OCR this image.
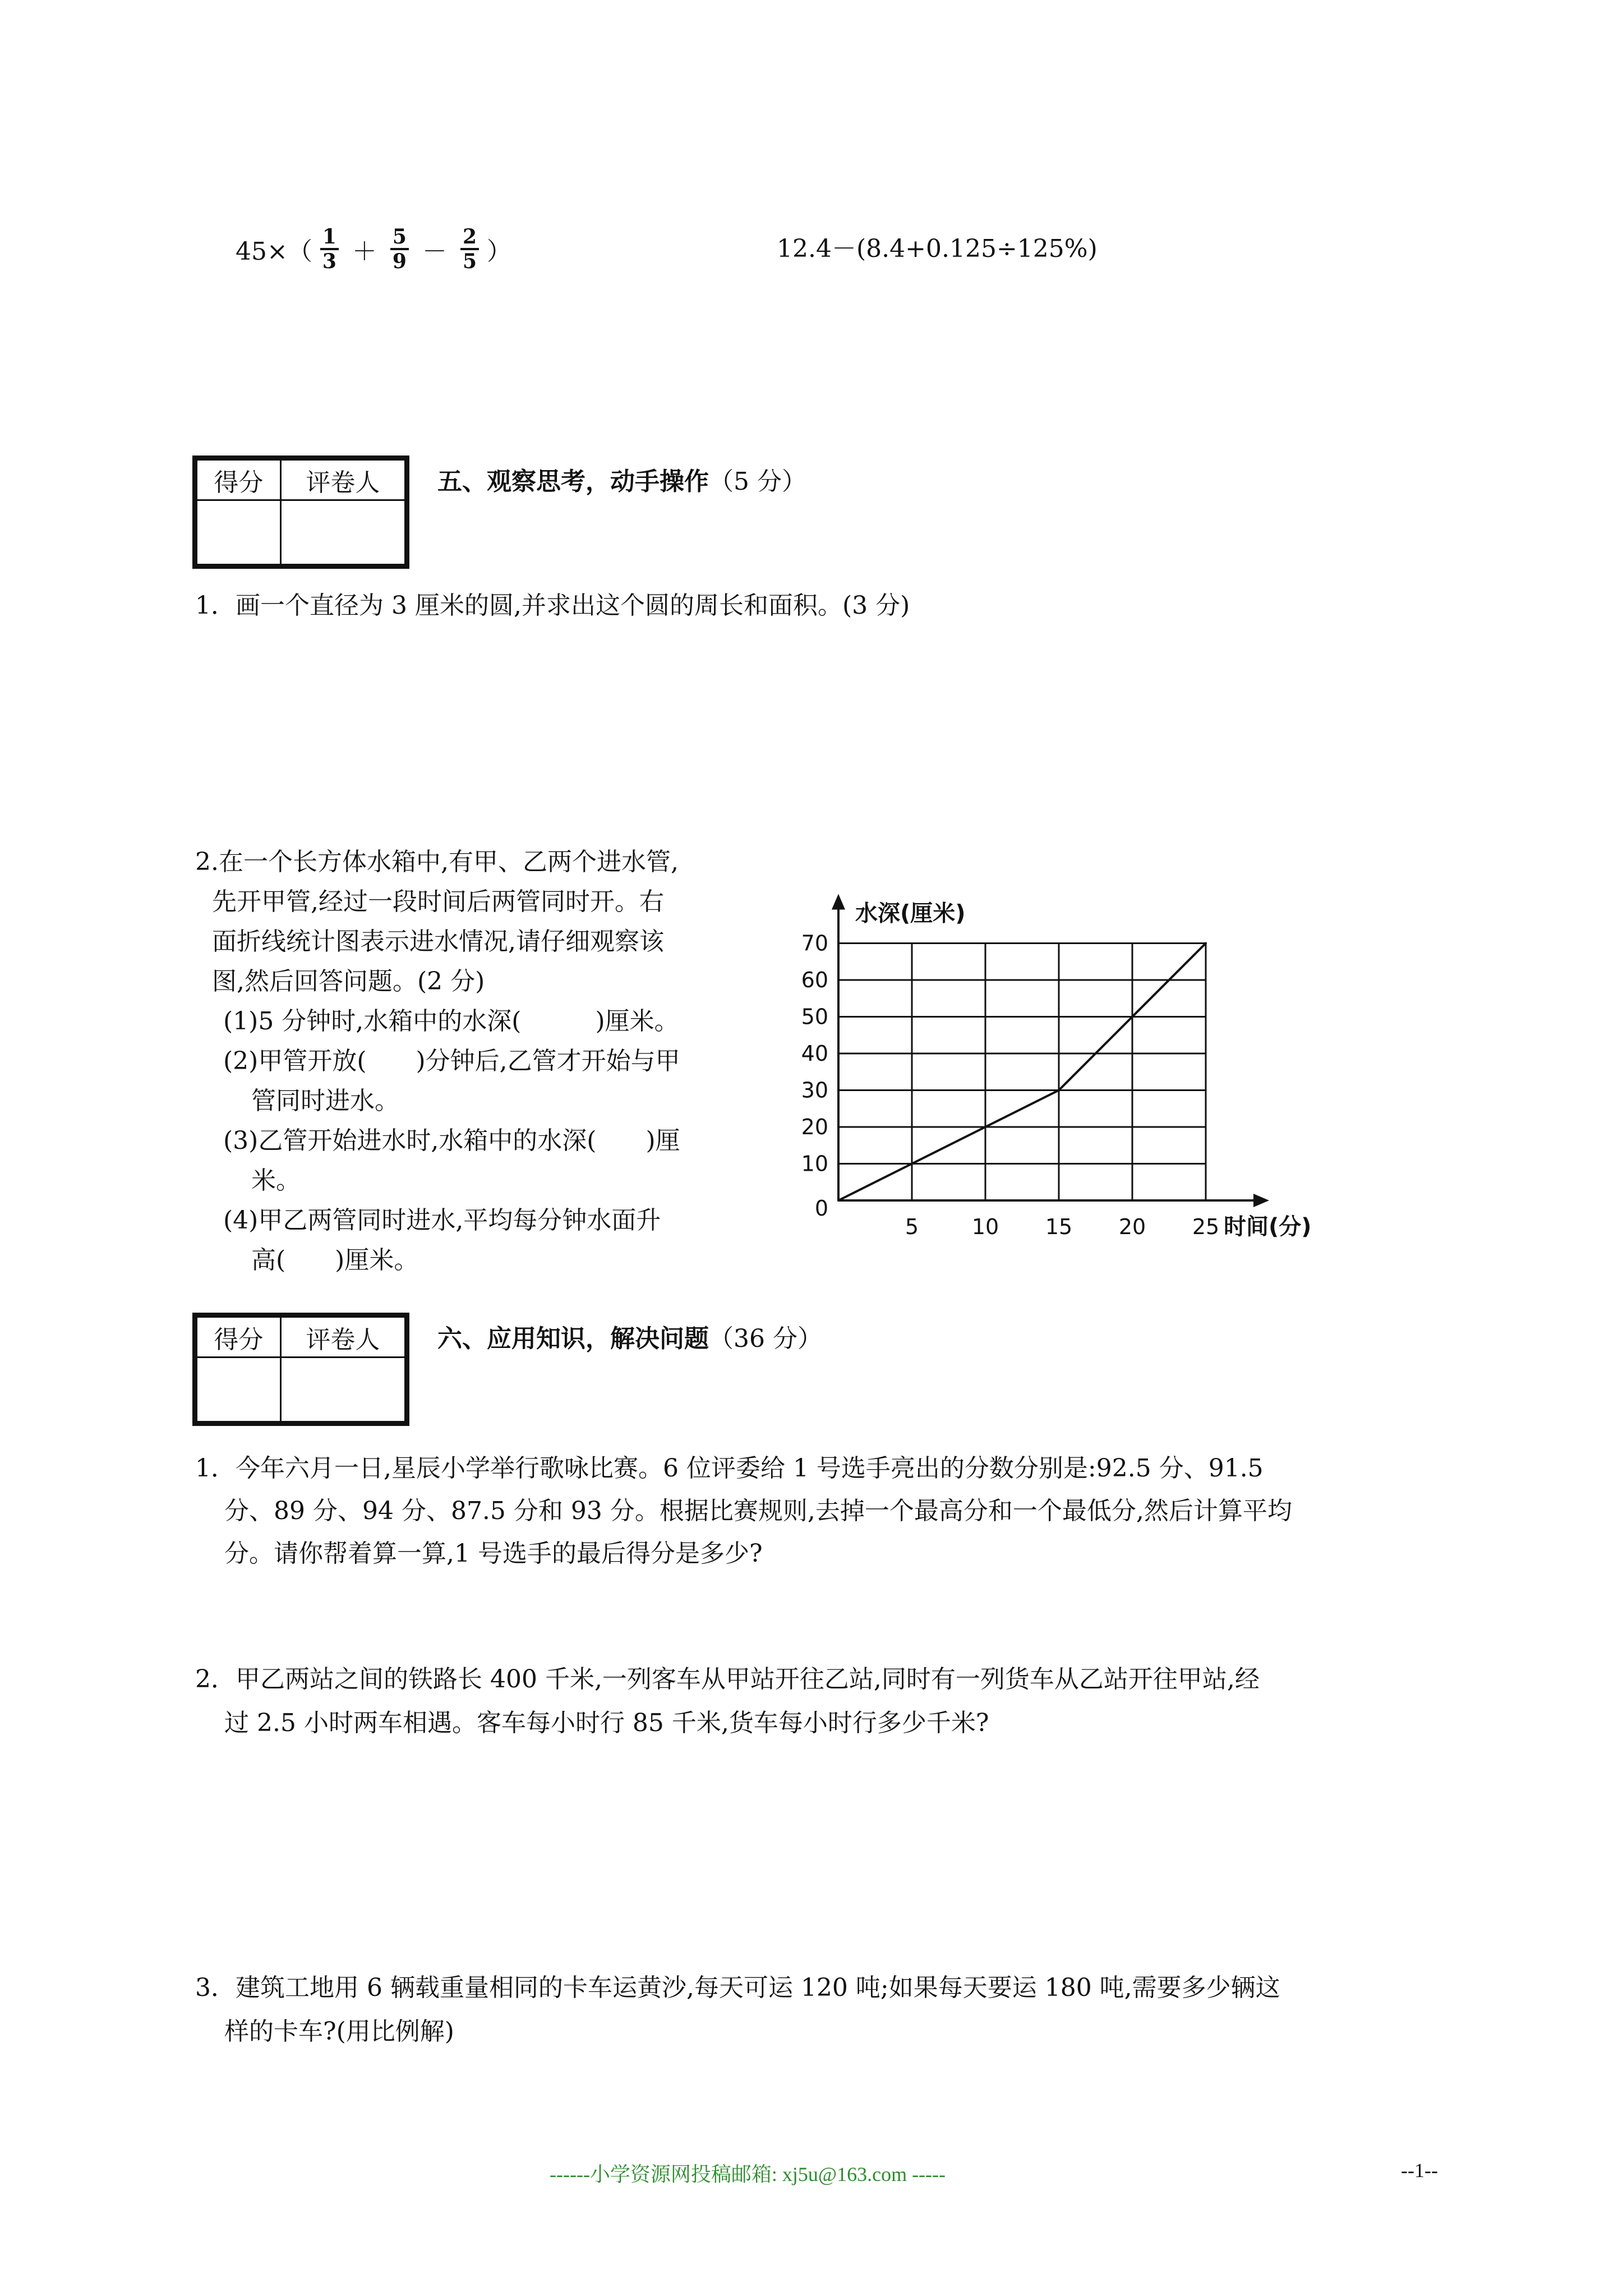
$45\times( \frac{1}{3} + \frac{5}{9} - \frac{2}{5}$ ）	12.4－(8.4+0.125÷125%)
得分	评卷人
	五、观察思考，动手操作（5 分）
1．画一个直径为 3 厘米的圆,并求出这个圆的周长和面积。(3 分)
2.在一个长方体水箱中,有甲、乙两个进水管,
先开甲管,经过一段时间后两管同时开。右
面折线统计图表示进水情况,请仔细观察该
图,然后回答问题。(2 分)
(1)5 分钟时,水箱中的水深(　　　)厘米。
(2)甲管开放(　　)分钟后,乙管才开始与甲
管同时进水。
(3)乙管开始进水时,水箱中的水深(　　)厘
米。
(4)甲乙两管同时进水,平均每分钟水面升
高(　　)厘米。
0
10
20
30
40
50
60
70
5 10 15 20 25
水深(厘米)
时间(分)
得分	评卷人
	六、应用知识，解决问题（36 分）
1．今年六月一日,星辰小学举行歌咏比赛。6 位评委给 1 号选手亮出的分数分别是:92.5 分、91.5
分、89 分、94 分、87.5 分和 93 分。根据比赛规则,去掉一个最高分和一个最低分,然后计算平均
分。请你帮着算一算,1 号选手的最后得分是多少?
2．甲乙两站之间的铁路长 400 千米,一列客车从甲站开往乙站,同时有一列货车从乙站开往甲站,经
过 2.5 小时两车相遇。客车每小时行 85 千米,货车每小时行多少千米?
3．建筑工地用 6 辆载重量相同的卡车运黄沙,每天可运 120 吨;如果每天要运 180 吨,需要多少辆这
样的卡车?(用比例解)
------小学资源网投稿邮箱: xj5u@163.com -----	--1--
